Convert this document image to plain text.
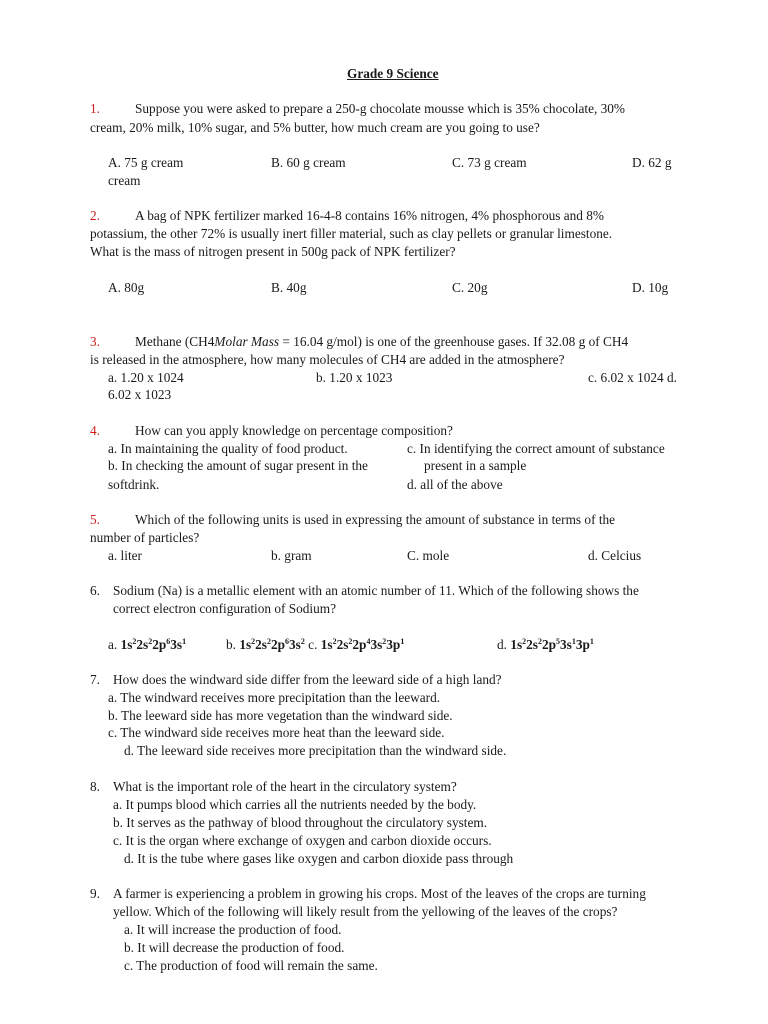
Grade 9 Science
1.	Suppose you were asked to prepare a 250-g chocolate mousse which is 35% chocolate, 30%
cream, 20% milk, 10% sugar, and 5% butter, how much cream are you going to use?
A. 75 g cream	B. 60 g cream	C. 73 g cream	D. 62 g
cream
2.	A bag of NPK fertilizer marked 16-4-8 contains 16% nitrogen, 4% phosphorous and 8%
potassium, the other 72% is usually inert filler material, such as clay pellets or granular limestone.
What is the mass of nitrogen present in 500g pack of NPK fertilizer?
A. 80g	B. 40g	C. 20g	D. 10g
3.	Methane (CH4Molar Mass = 16.04 g/mol) is one of the greenhouse gases. If 32.08 g of CH4
is released in the atmosphere, how many molecules of CH4 are added in the atmosphere?
a. 1.20 x 1024	b. 1.20 x 1023	c. 6.02 x 1024 d.
6.02 x 1023
4.	How can you apply knowledge on percentage composition?
a. In maintaining the quality of food product.	c. In identifying the correct amount of substance
b. In checking the amount of sugar present in the	present in a sample
softdrink.	d. all of the above
5.	Which of the following units is used in expressing the amount of substance in terms of the
number of particles?
a. liter	b. gram	C. mole	d. Celcius
6. Sodium (Na) is a metallic element with an atomic number of 11. Which of the following shows the
correct electron configuration of Sodium?
a. $1s^22s^22p^63s^1$	b. $1s^22s^22p^63s^2$ c. $1s^22s^22p^43s^23p^1$	d. $1s^22s^22p^53s^13p^1$
7. How does the windward side differ from the leeward side of a high land?
a. The windward receives more precipitation than the leeward.
b. The leeward side has more vegetation than the windward side.
c. The windward side receives more heat than the leeward side.
d. The leeward side receives more precipitation than the windward side.
8. What is the important role of the heart in the circulatory system?
a. It pumps blood which carries all the nutrients needed by the body.
b. It serves as the pathway of blood throughout the circulatory system.
c. It is the organ where exchange of oxygen and carbon dioxide occurs.
d. It is the tube where gases like oxygen and carbon dioxide pass through
9. A farmer is experiencing a problem in growing his crops. Most of the leaves of the crops are turning
yellow. Which of the following will likely result from the yellowing of the leaves of the crops?
a. It will increase the production of food.
b. It will decrease the production of food.
c. The production of food will remain the same.
